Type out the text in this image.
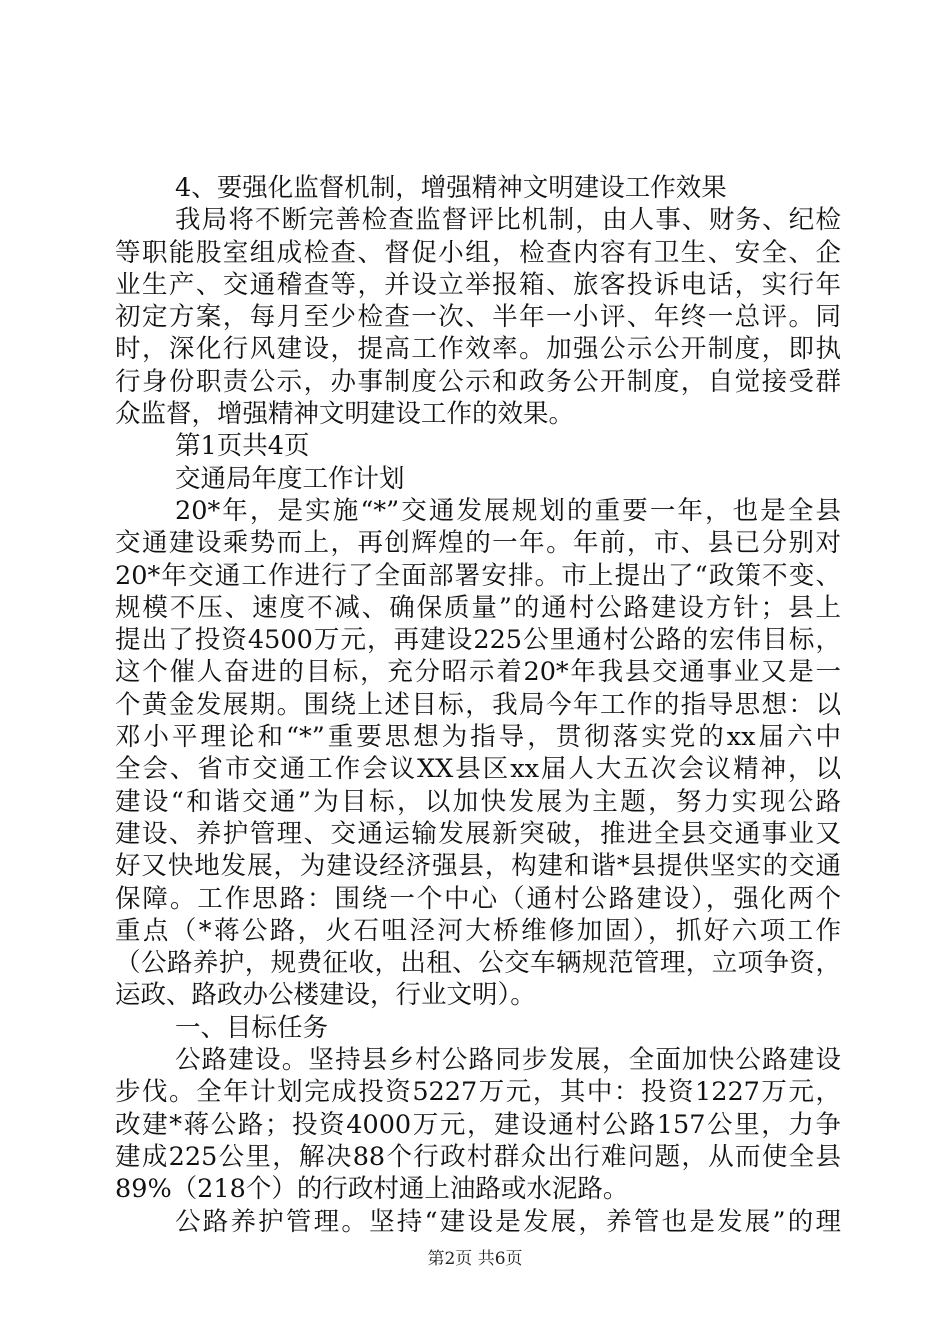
4、要强化监督机制，增强精神文明建设工作效果
我局将不断完善检查监督评比机制，由人事、财务、纪检
等职能股室组成检查、督促小组，检查内容有卫生、安全、企
业生产、交通稽查等，并设立举报箱、旅客投诉电话，实行年
初定方案，每月至少检查一次、半年一小评、年终一总评。同
时，深化行风建设，提高工作效率。加强公示公开制度，即执
行身份职责公示，办事制度公示和政务公开制度，自觉接受群
众监督，增强精神文明建设工作的效果。
第1页共4页
交通局年度工作计划
20*年，是实施“*”交通发展规划的重要一年，也是全县
交通建设乘势而上，再创辉煌的一年。年前，市、县已分别对
20*年交通工作进行了全面部署安排。市上提出了“政策不变、
规模不压、速度不减、确保质量”的通村公路建设方针；县上
提出了投资4500万元，再建设225公里通村公路的宏伟目标，
这个催人奋进的目标，充分昭示着20*年我县交通事业又是一
个黄金发展期。围绕上述目标，我局今年工作的指导思想：以
邓小平理论和“*”重要思想为指导，贯彻落实党的xx届六中
全会、省市交通工作会议XX县区xx届人大五次会议精神，以
建设“和谐交通”为目标，以加快发展为主题，努力实现公路
建设、养护管理、交通运输发展新突破，推进全县交通事业又
好又快地发展，为建设经济强县，构建和谐*县提供坚实的交通
保障。工作思路：围绕一个中心（通村公路建设），强化两个
重点（*蒋公路，火石咀泾河大桥维修加固），抓好六项工作
（公路养护，规费征收，出租、公交车辆规范管理，立项争资，
运政、路政办公楼建设，行业文明）。
一、目标任务
公路建设。坚持县乡村公路同步发展，全面加快公路建设
步伐。全年计划完成投资5227万元，其中：投资1227万元，
改建*蒋公路；投资4000万元，建设通村公路157公里，力争
建成225公里，解决88个行政村群众出行难问题，从而使全县
89%（218个）的行政村通上油路或水泥路。
公路养护管理。坚持“建设是发展，养管也是发展”的理
第2页 共6页
